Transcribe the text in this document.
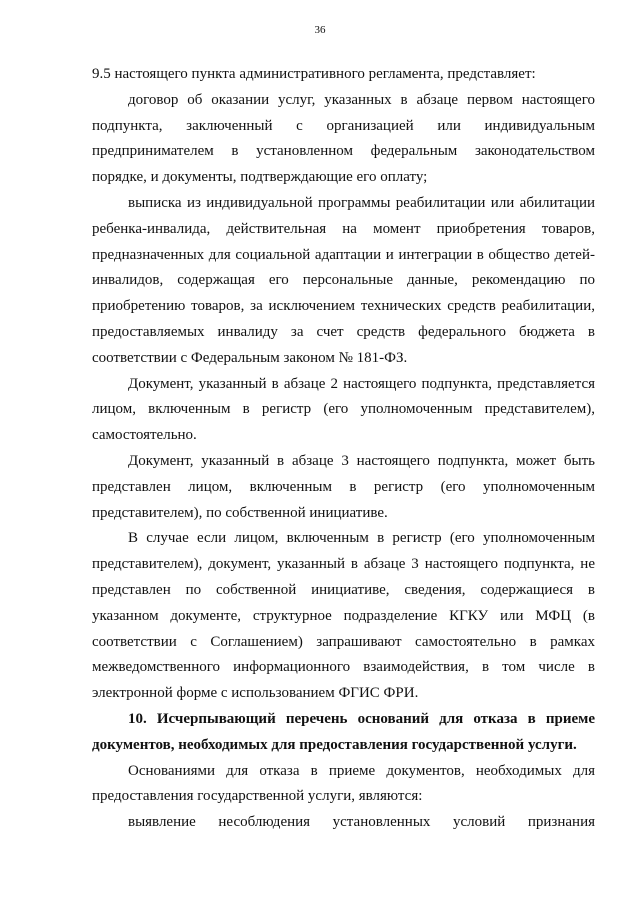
36

9.5 настоящего пункта административного регламента, представляет:

договор об оказании услуг, указанных в абзаце первом настоящего подпункта, заключенный с организацией или индивидуальным предпринимателем в установленном федеральным законодательством порядке, и документы, подтверждающие его оплату;

выписка из индивидуальной программы реабилитации или абилитации ребенка-инвалида, действительная на момент приобретения товаров, предназначенных для социальной адаптации и интеграции в общество детей-инвалидов, содержащая его персональные данные, рекомендацию по приобретению товаров, за исключением технических средств реабилитации, предоставляемых инвалиду за счет средств федерального бюджета в соответствии с Федеральным законом № 181-ФЗ.

Документ, указанный в абзаце 2 настоящего подпункта, представляется лицом, включенным в регистр (его уполномоченным представителем), самостоятельно.

Документ, указанный в абзаце 3 настоящего подпункта, может быть представлен лицом, включенным в регистр (его уполномоченным представителем), по собственной инициативе.

В случае если лицом, включенным в регистр (его уполномоченным представителем), документ, указанный в абзаце 3 настоящего подпункта, не представлен по собственной инициативе, сведения, содержащиеся в указанном документе, структурное подразделение КГКУ или МФЦ (в соответствии с Соглашением) запрашивают самостоятельно в рамках межведомственного информационного взаимодействия, в том числе в электронной форме с использованием ФГИС ФРИ.

10. Исчерпывающий перечень оснований для отказа в приеме документов, необходимых для предоставления государственной услуги.

Основаниями для отказа в приеме документов, необходимых для предоставления государственной услуги, являются:

выявление несоблюдения установленных условий признания
